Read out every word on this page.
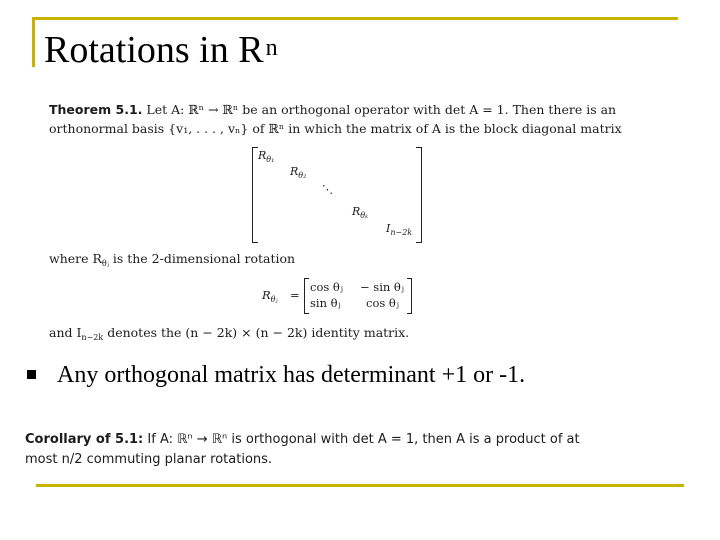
Rotations in $R^n$
Theorem 5.1. Let A: ℝⁿ → ℝⁿ be an orthogonal operator with det A = 1. Then there is an
orthonormal basis {v₁, . . . , vₙ} of ℝⁿ in which the matrix of A is the block diagonal matrix
$R_{\theta_1}$
$R_{\theta_2}$
⋱
$R_{\theta_k}$
$I_{n-2k}$
where $R_{\theta ⱼ}$ is the 2-dimensional rotation
$R_{\theta ⱼ}$ =
cos θⱼ − sin θⱼ
sin θⱼ cos θⱼ
and $I_{n-2k}$ denotes the (n − 2k) × (n − 2k) identity matrix.
Any orthogonal matrix has determinant +1 or -1.
Corollary of 5.1: If A: ℝⁿ → ℝⁿ is orthogonal with det A = 1, then A is a product of at
most n/2 commuting planar rotations.
